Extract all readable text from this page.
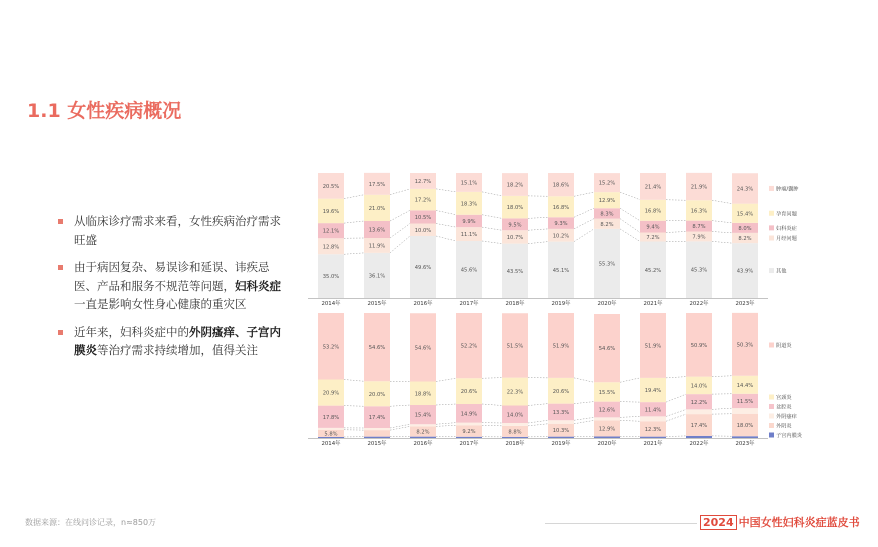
1.1 女性疾病概况
从临床诊疗需求来看，女性疾病治疗需求旺盛
由于病因复杂、易误诊和延误、讳疾忌医、产品和服务不规范等问题，妇科炎症一直是影响女性身心健康的重灾区
近年来，妇科炎症中的外阴瘙痒、子宫内膜炎等治疗需求持续增加，值得关注
35.0%
12.8%
12.1%
19.6%
20.5%
2014年
36.1%
11.9%
13.6%
21.0%
17.5%
2015年
49.6%
10.0%
10.5%
17.2%
12.7%
2016年
45.6%
11.1%
9.9%
18.3%
15.1%
2017年
43.5%
10.7%
9.5%
18.0%
18.2%
2018年
45.1%
10.2%
9.3%
16.8%
18.6%
2019年
55.3%
8.2%
8.3%
12.9%
15.2%
2020年
45.2%
7.2%
9.4%
16.8%
21.4%
2021年
45.3%
7.9%
8.7%
16.3%
21.9%
2022年
43.9%
8.2%
8.0%
15.4%
24.3%
2023年
其他
月经问题
妇科炎症
孕育问题
肿瘤/囊肿
5.8%
17.8%
20.9%
53.2%
2014年
17.4%
20.0%
54.6%
2015年
8.2%
15.4%
18.8%
54.6%
2016年
9.2%
14.9%
20.6%
52.2%
2017年
8.8%
14.0%
22.3%
51.5%
2018年
10.3%
13.3%
20.6%
51.9%
2019年
12.9%
12.6%
15.5%
54.6%
2020年
12.3%
11.4%
19.4%
51.9%
2021年
17.4%
12.2%
14.0%
50.9%
2022年
18.0%
11.5%
14.4%
50.3%
2023年
子宫内膜炎
外阴炎
外阴瘙痒
盆腔炎
宫颈炎
阴道炎
数据来源：在线问诊记录，n≈850万	2024 中国女性妇科炎症蓝皮书
